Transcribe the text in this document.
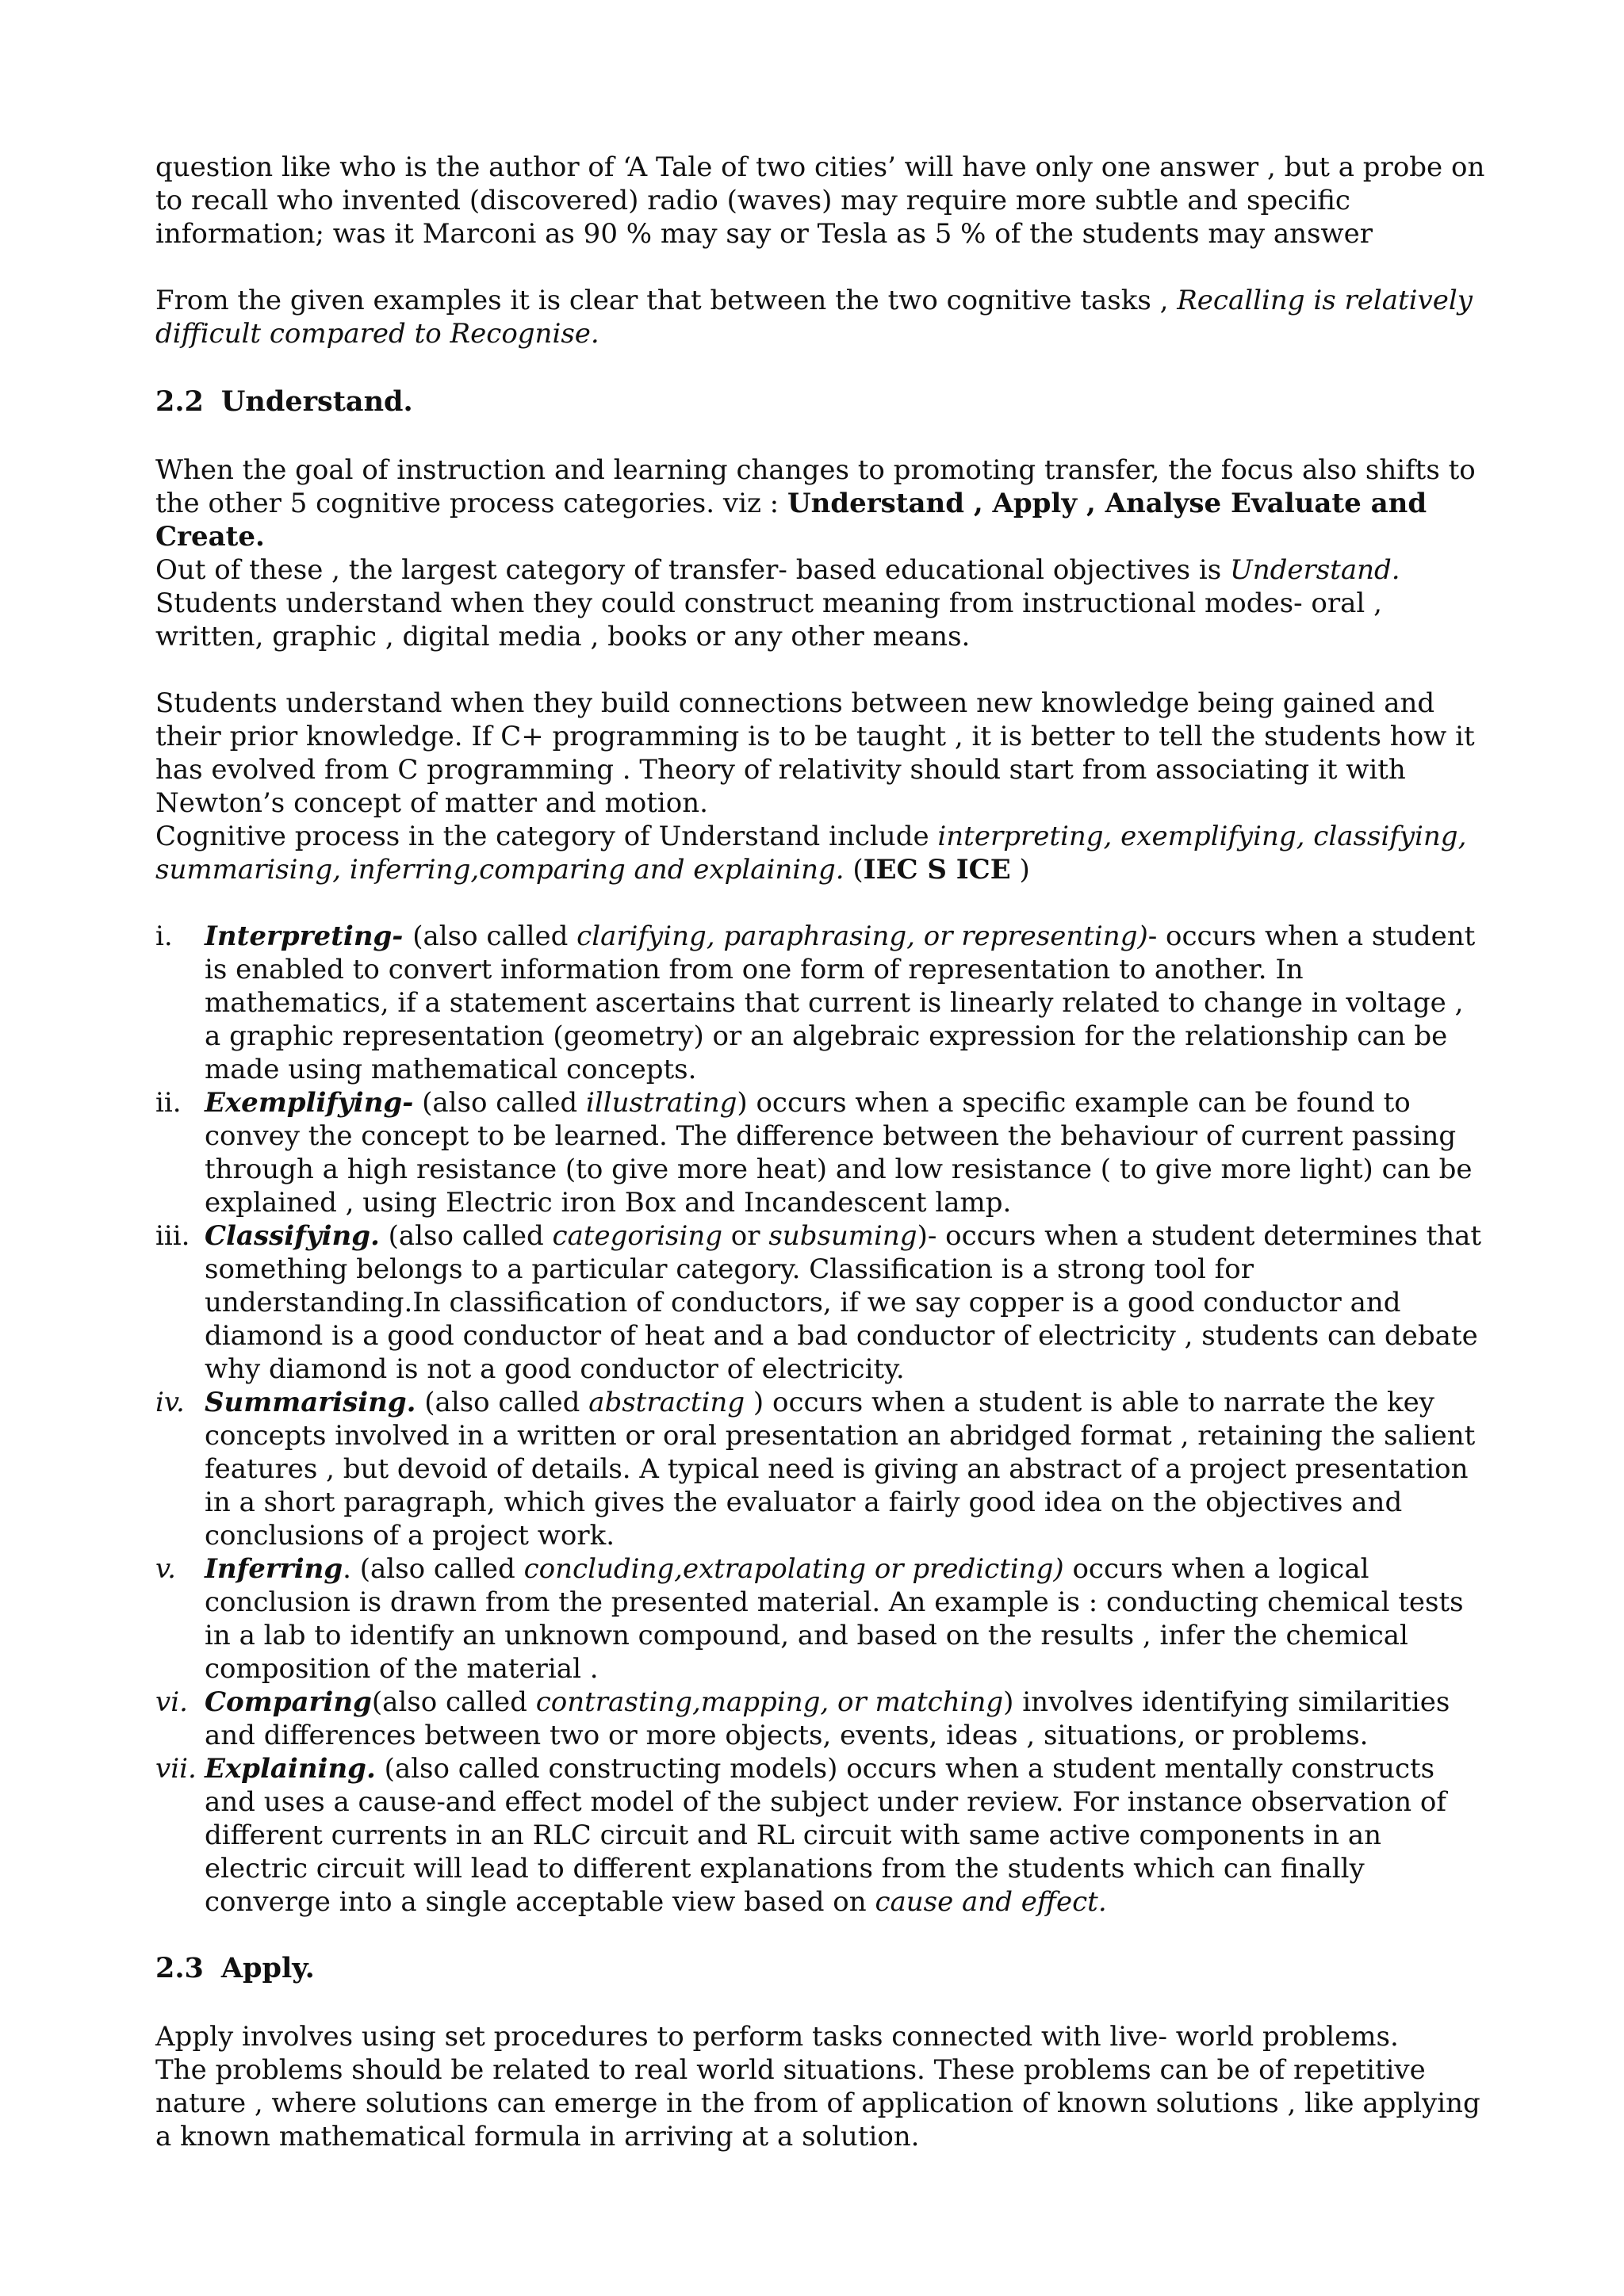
question like who is the author of ‘A Tale of two cities’ will have only one answer , but a probe on to recall who invented (discovered) radio (waves) may require more subtle and specific information; was it Marconi as 90 % may say or Tesla as 5 % of the students may answer

From the given examples it is clear that between the two cognitive tasks , Recalling is relatively difficult compared to Recognise.

2.2 Understand.

When the goal of instruction and learning changes to promoting transfer, the focus also shifts to the other 5 cognitive process categories. viz : Understand , Apply , Analyse Evaluate and Create.

Out of these , the largest category of transfer- based educational objectives is Understand. Students understand when they could construct meaning from instructional modes- oral , written, graphic , digital media , books or any other means.

Students understand when they build connections between new knowledge being gained and their prior knowledge. If C+ programming is to be taught , it is better to tell the students how it has evolved from C programming . Theory of relativity should start from associating it with Newton’s concept of matter and motion.

Cognitive process in the category of Understand include interpreting, exemplifying, classifying, summarising, inferring,comparing and explaining. (IEC S ICE )

i. Interpreting- (also called clarifying, paraphrasing, or representing)- occurs when a student is enabled to convert information from one form of representation to another. In mathematics, if a statement ascertains that current is linearly related to change in voltage , a graphic representation (geometry) or an algebraic expression for the relationship can be made using mathematical concepts.
ii. Exemplifying- (also called illustrating) occurs when a specific example can be found to convey the concept to be learned. The difference between the behaviour of current passing through a high resistance (to give more heat) and low resistance ( to give more light) can be explained , using Electric iron Box and Incandescent lamp.
iii. Classifying. (also called categorising or subsuming)- occurs when a student determines that something belongs to a particular category. Classification is a strong tool for understanding.In classification of conductors, if we say copper is a good conductor and diamond is a good conductor of heat and a bad conductor of electricity , students can debate why diamond is not a good conductor of electricity.
iv. Summarising. (also called abstracting ) occurs when a student is able to narrate the key concepts involved in a written or oral presentation an abridged format , retaining the salient features , but devoid of details. A typical need is giving an abstract of a project presentation in a short paragraph, which gives the evaluator a fairly good idea on the objectives and conclusions of a project work.
v. Inferring. (also called concluding,extrapolating or predicting) occurs when a logical conclusion is drawn from the presented material. An example is : conducting chemical tests in a lab to identify an unknown compound, and based on the results , infer the chemical composition of the material .
vi. Comparing(also called contrasting,mapping, or matching) involves identifying similarities and differences between two or more objects, events, ideas , situations, or problems.
vii. Explaining. (also called constructing models) occurs when a student mentally constructs and uses a cause-and effect model of the subject under review. For instance observation of different currents in an RLC circuit and RL circuit with same active components in an electric circuit will lead to different explanations from the students which can finally converge into a single acceptable view based on cause and effect.

2.3 Apply.

Apply involves using set procedures to perform tasks connected with live- world problems.
The problems should be related to real world situations. These problems can be of repetitive nature , where solutions can emerge in the from of application of known solutions , like applying a known mathematical formula in arriving at a solution.
